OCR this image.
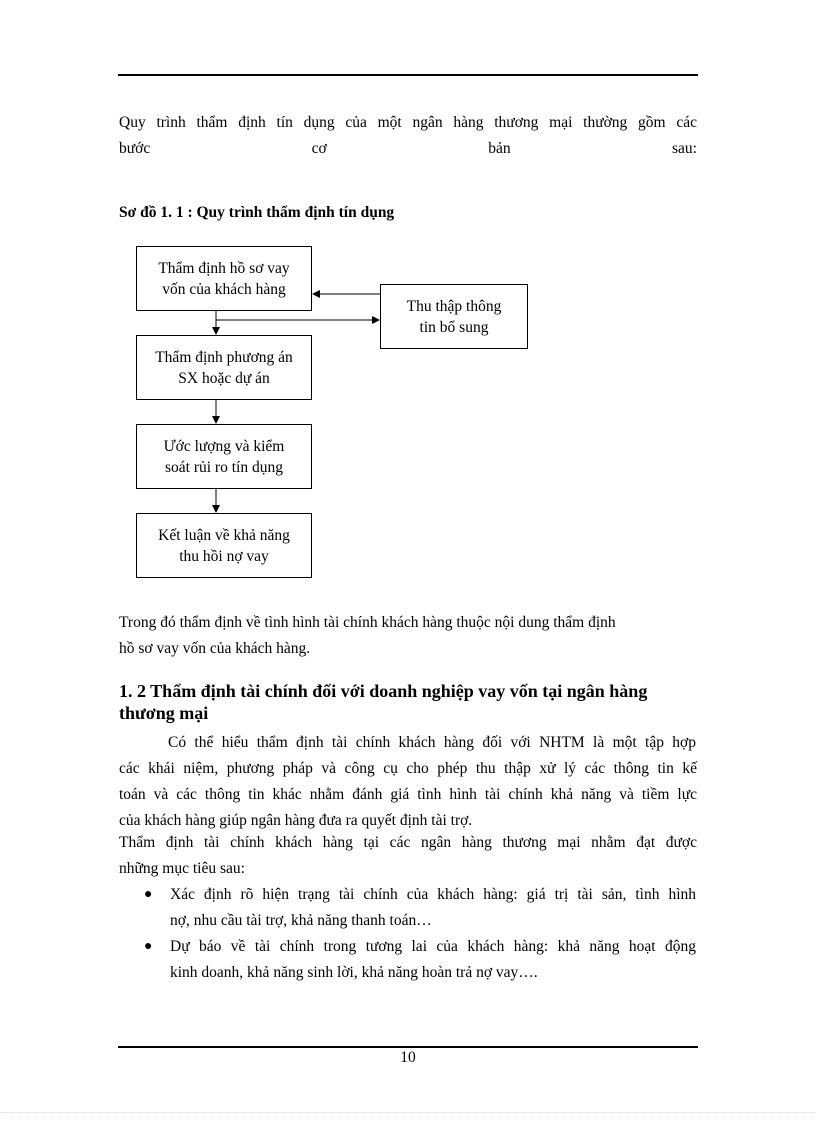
Quy trình thẩm định tín dụng của một ngân hàng thương mại thường gồm các
bước	cơ	bản	sau:
Sơ đồ 1. 1 : Quy trình thẩm định tín dụng
Thẩm định hồ sơ vay
vốn của khách hàng
Thẩm định phương án
SX hoặc dự án
Ước lượng và kiểm
soát rủi ro tín dụng
Kết luận về khả năng
thu hồi nợ vay
Thu thập thông
tin bổ sung
Trong đó thẩm định về tình hình tài chính khách hàng thuộc nội dung thẩm định
hồ sơ vay vốn của khách hàng.
1. 2 Thẩm định tài chính đối với doanh nghiệp vay vốn tại ngân hàng thương mại
Có thể hiểu thẩm định tài chính khách hàng đối với NHTM là một tập hợp
các khái niệm, phương pháp và công cụ cho phép thu thập xử lý các thông tin kế
toán và các thông tin khác nhằm đánh giá tình hình tài chính khả năng và tiềm lực
của khách hàng giúp ngân hàng đưa ra quyết định tài trợ.
Thẩm định tài chính khách hàng tại các ngân hàng thương mại nhằm đạt được
những mục tiêu sau:
●	Xác định rõ hiện trạng tài chính của khách hàng: giá trị tài sản, tình hình
nợ, nhu cầu tài trợ, khả năng thanh toán…
●	Dự báo về tài chính trong tương lai của khách hàng: khả năng hoạt động
kinh doanh, khả năng sinh lời, khả năng hoàn trả nợ vay….
10
